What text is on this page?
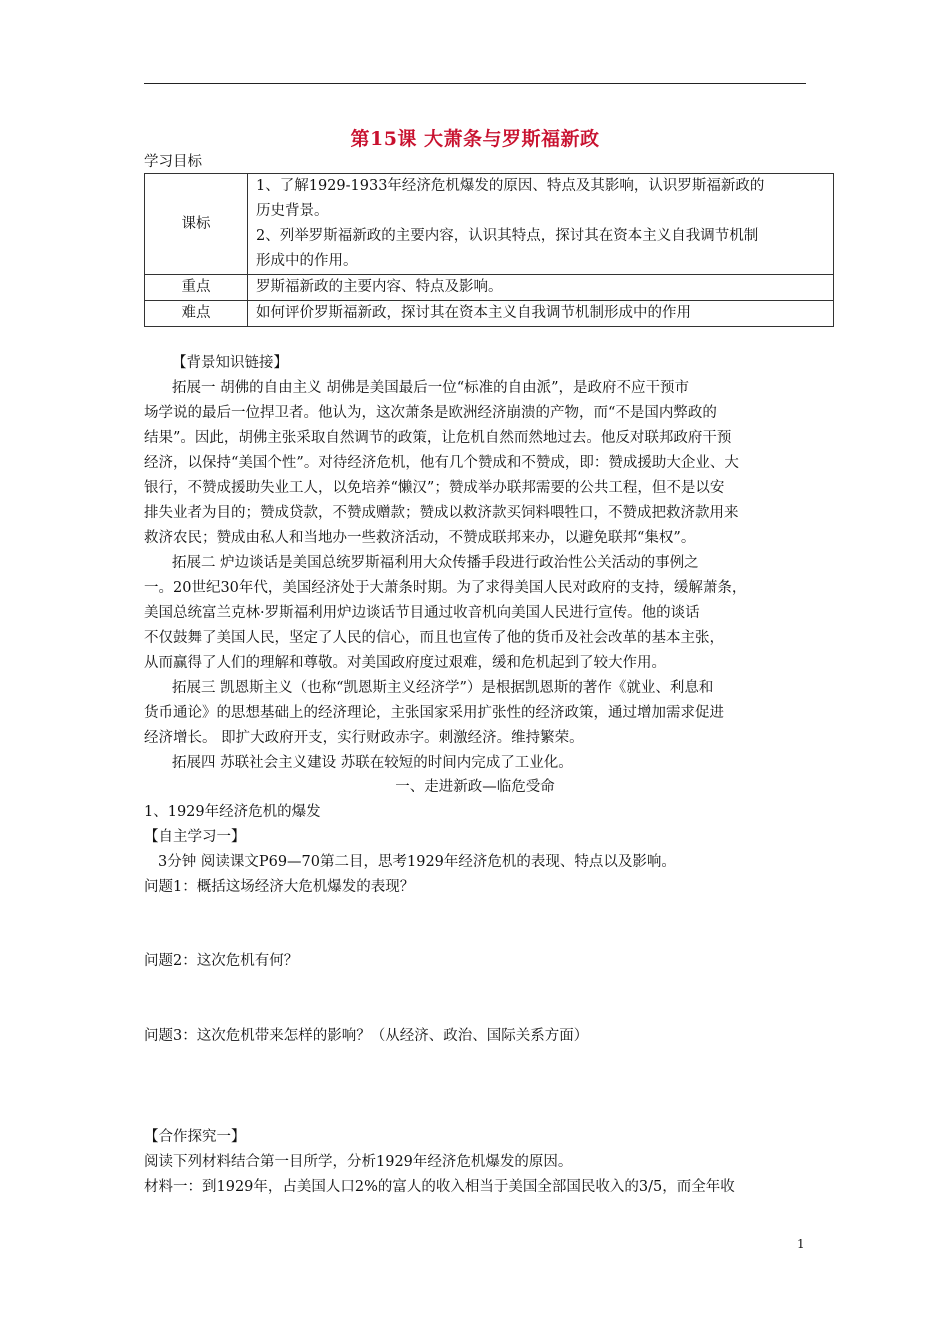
第15课 大萧条与罗斯福新政
学习目标
课标	1、了解1929-1933年经济危机爆发的原因、特点及其影响，认识罗斯福新政的
历史背景。
2、列举罗斯福新政的主要内容，认识其特点，探讨其在资本主义自我调节机制
形成中的作用。

重点	罗斯福新政的主要内容、特点及影响。
难点	如何评价罗斯福新政，探讨其在资本主义自我调节机制形成中的作用
【背景知识链接】
拓展一 胡佛的自由主义 胡佛是美国最后一位“标准的自由派”，是政府不应干预市
场学说的最后一位捍卫者。他认为，这次萧条是欧洲经济崩溃的产物，而“不是国内弊政的
结果”。因此，胡佛主张采取自然调节的政策，让危机自然而然地过去。他反对联邦政府干预
经济，以保持“美国个性”。对待经济危机，他有几个赞成和不赞成，即：赞成援助大企业、大
银行，不赞成援助失业工人，以免培养“懒汉”；赞成举办联邦需要的公共工程，但不是以安
排失业者为目的；赞成贷款，不赞成赠款；赞成以救济款买饲料喂牲口，不赞成把救济款用来
救济农民；赞成由私人和当地办一些救济活动，不赞成联邦来办，以避免联邦“集权”。
拓展二 炉边谈话是美国总统罗斯福利用大众传播手段进行政治性公关活动的事例之
一。20世纪30年代，美国经济处于大萧条时期。为了求得美国人民对政府的支持，缓解萧条，
美国总统富兰克林·罗斯福利用炉边谈话节目通过收音机向美国人民进行宣传。他的谈话
不仅鼓舞了美国人民，坚定了人民的信心，而且也宣传了他的货币及社会改革的基本主张，
从而赢得了人们的理解和尊敬。对美国政府度过艰难，缓和危机起到了较大作用。
拓展三 凯恩斯主义（也称“凯恩斯主义经济学”）是根据凯恩斯的著作《就业、利息和
货币通论》的思想基础上的经济理论，主张国家采用扩张性的经济政策，通过增加需求促进
经济增长。 即扩大政府开支，实行财政赤字。刺激经济。维持繁荣。
拓展四 苏联社会主义建设 苏联在较短的时间内完成了工业化。
一、走进新政—临危受命
1、1929年经济危机的爆发
【自主学习一】
3分钟 阅读课文P69—70第二目，思考1929年经济危机的表现、特点以及影响。
问题1：概括这场经济大危机爆发的表现？
问题2：这次危机有何？
问题3：这次危机带来怎样的影响？（从经济、政治、国际关系方面）
【合作探究一】
阅读下列材料结合第一目所学，分析1929年经济危机爆发的原因。
材料一：到1929年，占美国人口2%的富人的收入相当于美国全部国民收入的3/5，而全年收
1
